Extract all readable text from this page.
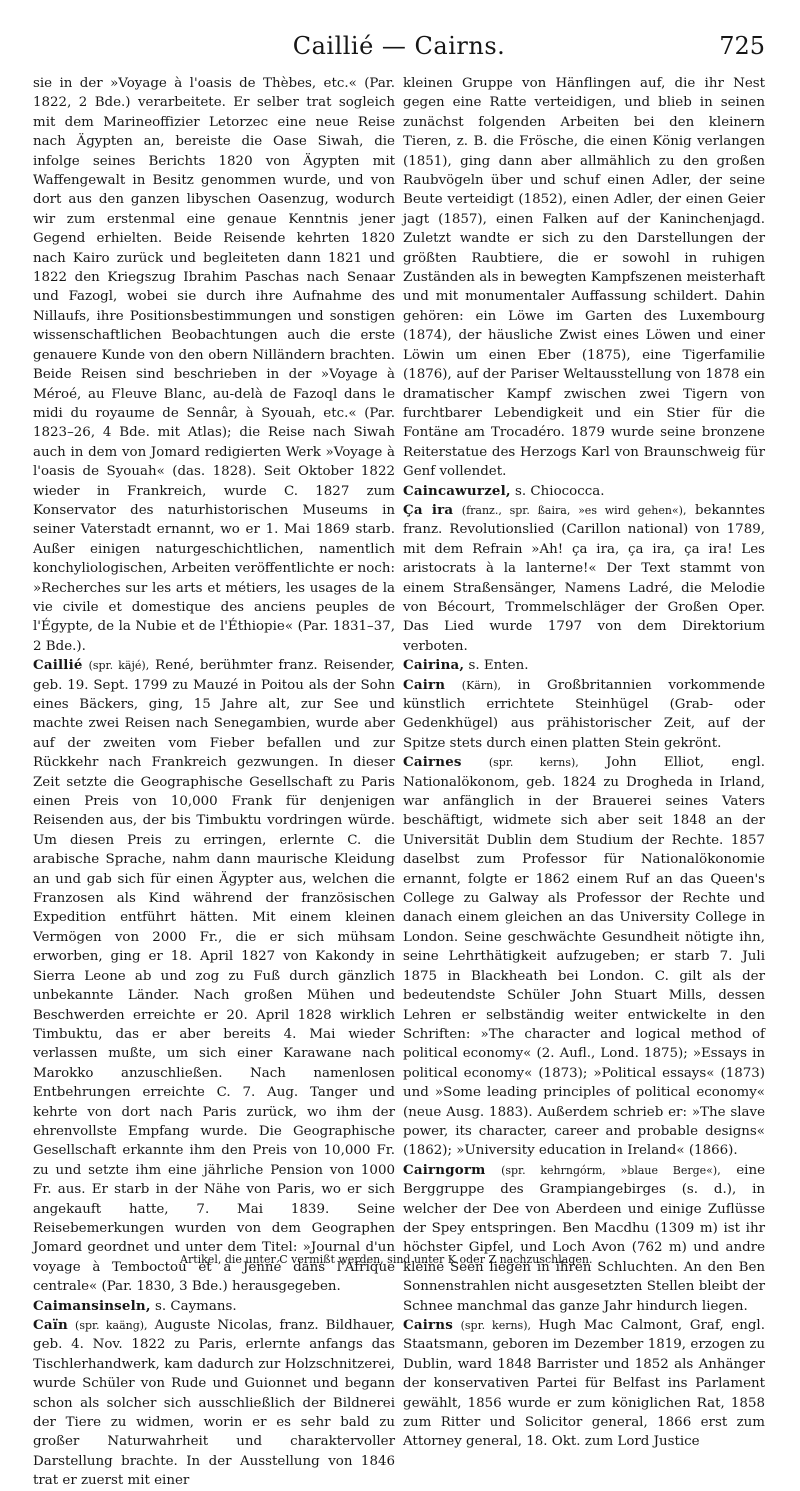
Caillié — Cairns.	725

sie in der »Voyage à l'oasis de Thèbes, etc.« (Par. 1822, 2 Bde.) verarbeitete. Er selber trat sogleich mit dem Marineoffizier Letorzec eine neue Reise nach Ägypten an, bereiste die Oase Siwah, die infolge seines Berichts 1820 von Ägypten mit Waffengewalt in Besitz genommen wurde, und von dort aus den ganzen libyschen Oasenzug, wodurch wir zum erstenmal eine genaue Kenntnis jener Gegend erhielten. Beide Reisende kehrten 1820 nach Kairo zurück und begleiteten dann 1821 und 1822 den Kriegszug Ibrahim Paschas nach Senaar und Fazogl, wobei sie durch ihre Aufnahme des Nillaufs, ihre Positionsbestimmungen und sonstigen wissenschaftlichen Beobachtungen auch die erste genauere Kunde von den obern Nilländern brachten. Beide Reisen sind beschrieben in der »Voyage à Méroé, au Fleuve Blanc, au-delà de Fazoql dans le midi du royaume de Sennâr, à Syouah, etc.« (Par. 1823–26, 4 Bde. mit Atlas); die Reise nach Siwah auch in dem von Jomard redigierten Werk »Voyage à l'oasis de Syouah« (das. 1828). Seit Oktober 1822 wieder in Frankreich, wurde C. 1827 zum Konservator des naturhistorischen Museums in seiner Vaterstadt ernannt, wo er 1. Mai 1869 starb. Außer einigen naturgeschichtlichen, namentlich konchyliologischen, Arbeiten veröffentlichte er noch: »Recherches sur les arts et métiers, les usages de la vie civile et domestique des anciens peuples de l'Égypte, de la Nubie et de l'Éthiopie« (Par. 1831–37, 2 Bde.).

Caillié (spr. käjé), René, berühmter franz. Reisender, geb. 19. Sept. 1799 zu Mauzé in Poitou als der Sohn eines Bäckers, ging, 15 Jahre alt, zur See und machte zwei Reisen nach Senegambien, wurde aber auf der zweiten vom Fieber befallen und zur Rückkehr nach Frankreich gezwungen. In dieser Zeit setzte die Geographische Gesellschaft zu Paris einen Preis von 10,000 Frank für denjenigen Reisenden aus, der bis Timbuktu vordringen würde. Um diesen Preis zu erringen, erlernte C. die arabische Sprache, nahm dann maurische Kleidung an und gab sich für einen Ägypter aus, welchen die Franzosen als Kind während der französischen Expedition entführt hätten. Mit einem kleinen Vermögen von 2000 Fr., die er sich mühsam erworben, ging er 18. April 1827 von Kakondy in Sierra Leone ab und zog zu Fuß durch gänzlich unbekannte Länder. Nach großen Mühen und Beschwerden erreichte er 20. April 1828 wirklich Timbuktu, das er aber bereits 4. Mai wieder verlassen mußte, um sich einer Karawane nach Marokko anzuschließen. Nach namenlosen Entbehrungen erreichte C. 7. Aug. Tanger und kehrte von dort nach Paris zurück, wo ihm der ehrenvollste Empfang wurde. Die Geographische Gesellschaft erkannte ihm den Preis von 10,000 Fr. zu und setzte ihm eine jährliche Pension von 1000 Fr. aus. Er starb in der Nähe von Paris, wo er sich angekauft hatte, 7. Mai 1839. Seine Reisebemerkungen wurden von dem Geographen Jomard geordnet und unter dem Titel: »Journal d'un voyage à Temboctou et à Jenné dans l'Afrique centrale« (Par. 1830, 3 Bde.) herausgegeben.

Caimansinseln, s. Caymans.

Caïn (spr. kaäng), Auguste Nicolas, franz. Bildhauer, geb. 4. Nov. 1822 zu Paris, erlernte anfangs das Tischlerhandwerk, kam dadurch zur Holzschnitzerei, wurde Schüler von Rude und Guionnet und begann schon als solcher sich ausschließlich der Bildnerei der Tiere zu widmen, worin er es sehr bald zu großer Naturwahrheit und charaktervoller Darstellung brachte. In der Ausstellung von 1846 trat er zuerst mit einer

kleinen Gruppe von Hänflingen auf, die ihr Nest gegen eine Ratte verteidigen, und blieb in seinen zunächst folgenden Arbeiten bei den kleinern Tieren, z. B. die Frösche, die einen König verlangen (1851), ging dann aber allmählich zu den großen Raubvögeln über und schuf einen Adler, der seine Beute verteidigt (1852), einen Adler, der einen Geier jagt (1857), einen Falken auf der Kaninchenjagd. Zuletzt wandte er sich zu den Darstellungen der größten Raubtiere, die er sowohl in ruhigen Zuständen als in bewegten Kampfszenen meisterhaft und mit monumentaler Auffassung schildert. Dahin gehören: ein Löwe im Garten des Luxembourg (1874), der häusliche Zwist eines Löwen und einer Löwin um einen Eber (1875), eine Tigerfamilie (1876), auf der Pariser Weltausstellung von 1878 ein dramatischer Kampf zwischen zwei Tigern von furchtbarer Lebendigkeit und ein Stier für die Fontäne am Trocadéro. 1879 wurde seine bronzene Reiterstatue des Herzogs Karl von Braunschweig für Genf vollendet.

Caincawurzel, s. Chiococca.

Ça ira (franz., spr. ßaira, »es wird gehen«), bekanntes franz. Revolutionslied (Carillon national) von 1789, mit dem Refrain »Ah! ça ira, ça ira, ça ira! Les aristocrats à la lanterne!« Der Text stammt von einem Straßensänger, Namens Ladré, die Melodie von Bécourt, Trommelschläger der Großen Oper. Das Lied wurde 1797 von dem Direktorium verboten.

Cairina, s. Enten.

Cairn (Kärn), in Großbritannien vorkommende künstlich errichtete Steinhügel (Grab- oder Gedenkhügel) aus prähistorischer Zeit, auf der Spitze stets durch einen platten Stein gekrönt.

Cairnes (spr. kerns), John Elliot, engl. Nationalökonom, geb. 1824 zu Drogheda in Irland, war anfänglich in der Brauerei seines Vaters beschäftigt, widmete sich aber seit 1848 an der Universität Dublin dem Studium der Rechte. 1857 daselbst zum Professor für Nationalökonomie ernannt, folgte er 1862 einem Ruf an das Queen's College zu Galway als Professor der Rechte und danach einem gleichen an das University College in London. Seine geschwächte Gesundheit nötigte ihn, seine Lehrthätigkeit aufzugeben; er starb 7. Juli 1875 in Blackheath bei London. C. gilt als der bedeutendste Schüler John Stuart Mills, dessen Lehren er selbständig weiter entwickelte in den Schriften: »The character and logical method of political economy« (2. Aufl., Lond. 1875); »Essays in political economy« (1873); »Political essays« (1873) und »Some leading principles of political economy« (neue Ausg. 1883). Außerdem schrieb er: »The slave power, its character, career and probable designs« (1862); »University education in Ireland« (1866).

Cairngorm (spr. kehrngórm, »blaue Berge«), eine Berggruppe des Grampiangebirges (s. d.), in welcher der Dee von Aberdeen und einige Zuflüsse der Spey entspringen. Ben Macdhu (1309 m) ist ihr höchster Gipfel, und Loch Avon (762 m) und andre kleine Seen liegen in ihren Schluchten. An den Ben Sonnenstrahlen nicht ausgesetzten Stellen bleibt der Schnee manchmal das ganze Jahr hindurch liegen.

Cairns (spr. kerns), Hugh Mac Calmont, Graf, engl. Staatsmann, geboren im Dezember 1819, erzogen zu Dublin, ward 1848 Barrister und 1852 als Anhänger der konservativen Partei für Belfast ins Parlament gewählt, 1856 wurde er zum königlichen Rat, 1858 zum Ritter und Solicitor general, 1866 erst zum Attorney general, 18. Okt. zum Lord Justice

Artikel, die unter C vermißt werden, sind unter K oder Z nachzuschlagen.
